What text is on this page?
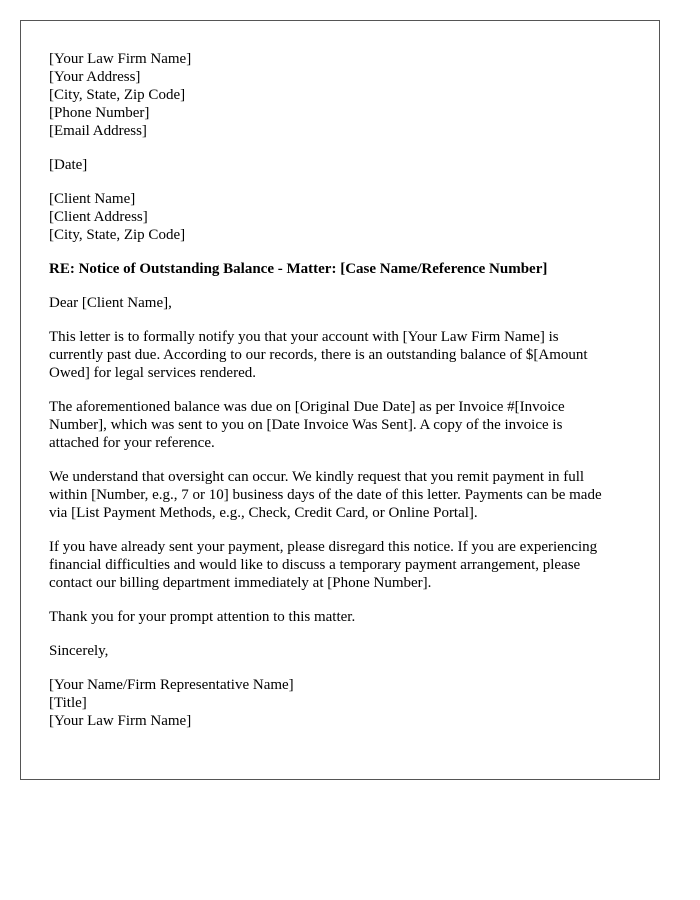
[Your Law Firm Name]
[Your Address]
[City, State, Zip Code]
[Phone Number]
[Email Address]
[Date]
[Client Name]
[Client Address]
[City, State, Zip Code]
RE: Notice of Outstanding Balance - Matter: [Case Name/Reference Number]

Dear [Client Name],

This letter is to formally notify you that your account with [Your Law Firm Name] is currently past due. According to our records, there is an outstanding balance of $[Amount Owed] for legal services rendered.

The aforementioned balance was due on [Original Due Date] as per Invoice #[Invoice Number], which was sent to you on [Date Invoice Was Sent]. A copy of the invoice is attached for your reference.

We understand that oversight can occur. We kindly request that you remit payment in full within [Number, e.g., 7 or 10] business days of the date of this letter. Payments can be made via [List Payment Methods, e.g., Check, Credit Card, or Online Portal].

If you have already sent your payment, please disregard this notice. If you are experiencing financial difficulties and would like to discuss a temporary payment arrangement, please contact our billing department immediately at [Phone Number].

Thank you for your prompt attention to this matter.

Sincerely,

[Your Name/Firm Representative Name]
[Title]
[Your Law Firm Name]
